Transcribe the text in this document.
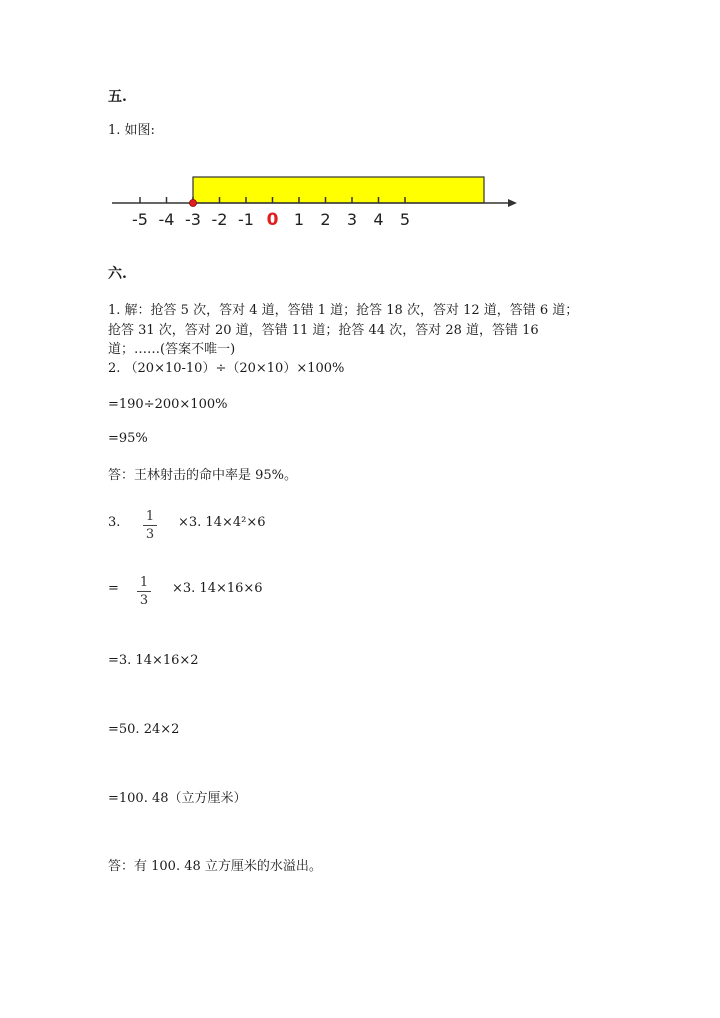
五.
1. 如图:
-5 -4 -3 -2 -1 0 1 2 3 4 5
六.
1. 解：抢答 5 次，答对 4 道，答错 1 道；抢答 18 次，答对 12 道，答错 6 道；
抢答 31 次，答对 20 道，答错 11 道；抢答 44 次，答对 28 道，答错 16
道；……(答案不唯一)
2. （20×10-10）÷（20×10）×100%
=190÷200×100%
=95%
答：王林射击的命中率是 95%。
3. $\frac{1}{3} \times 3$. 14×4²×6
= $\frac{1}{3} \times 3$. 14×16×6
=3. 14×16×2
=50. 24×2
=100. 48（立方厘米）
答：有 100. 48 立方厘米的水溢出。
